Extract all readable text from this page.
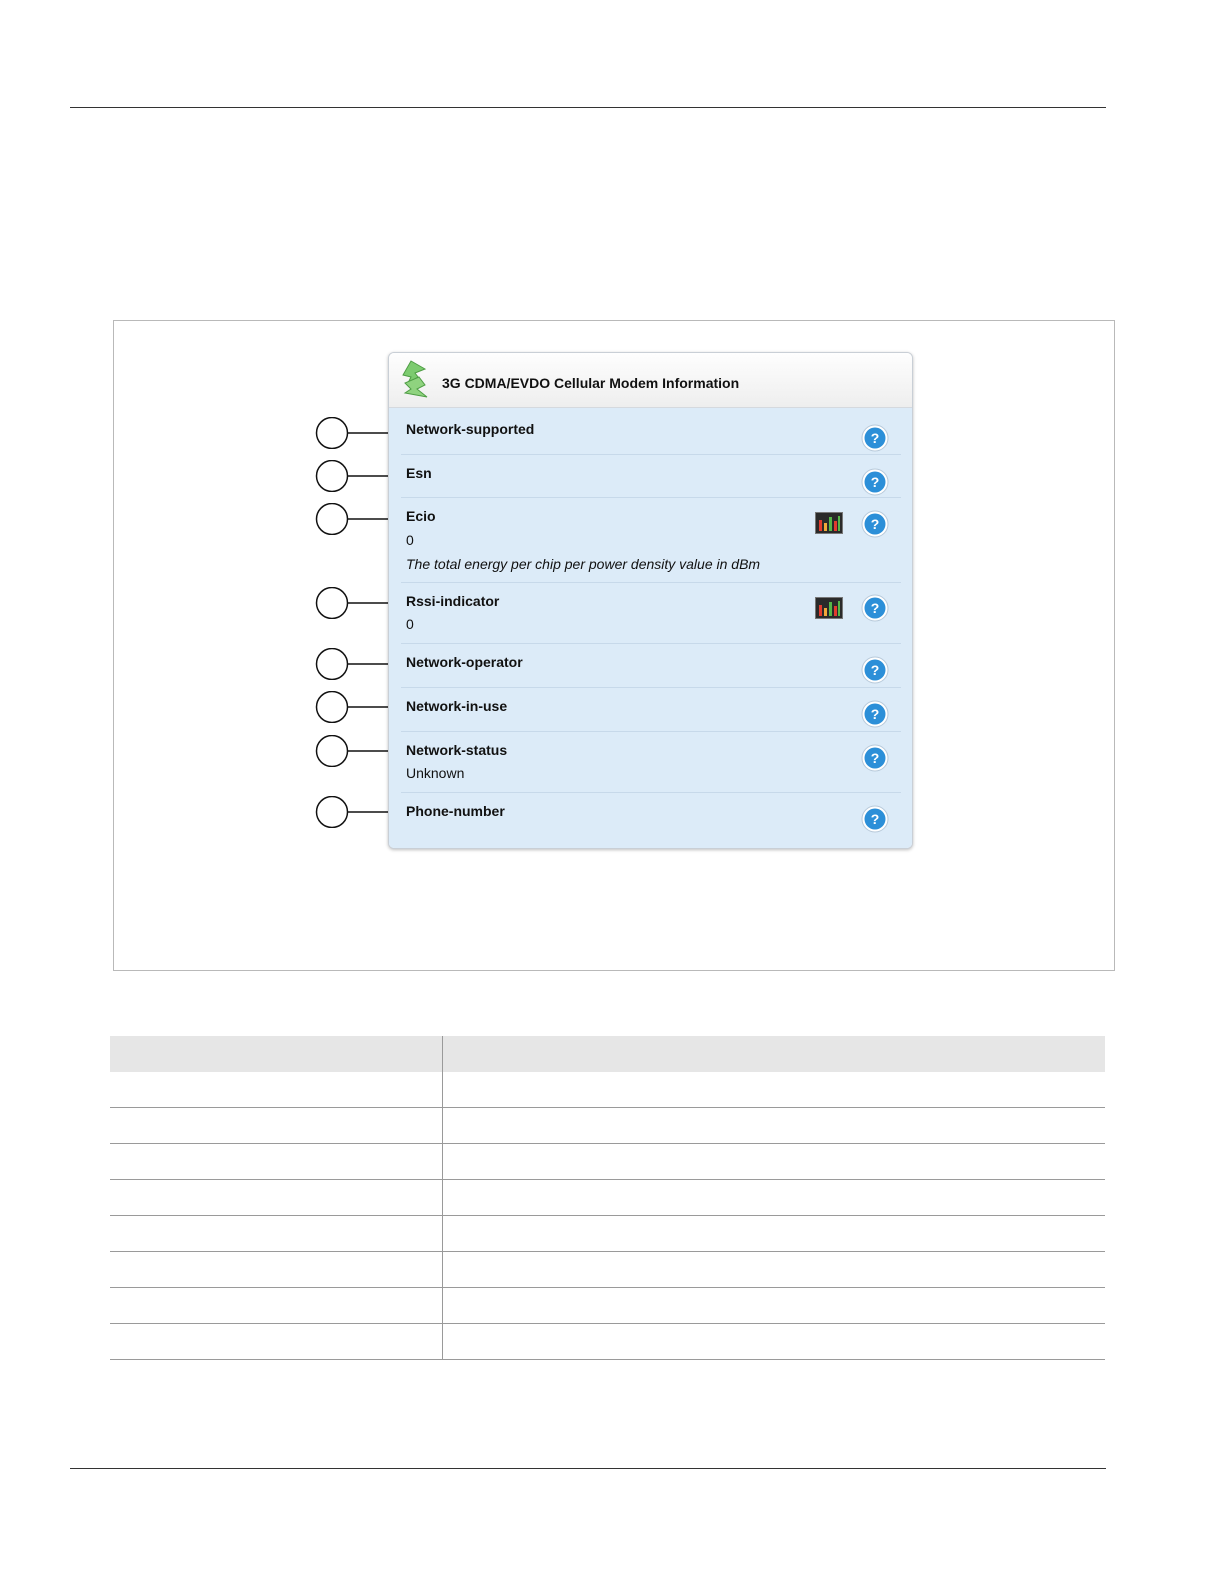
3G CDMA/EVDO Cellular Modem Information
Network-supported
?
Esn
?
Ecio
0
The total energy per chip per power density value in dBm
?
Rssi-indicator
0
?
Network-operator	?
Network-in-use	?
Network-status
Unknown
?
Phone-number	?
